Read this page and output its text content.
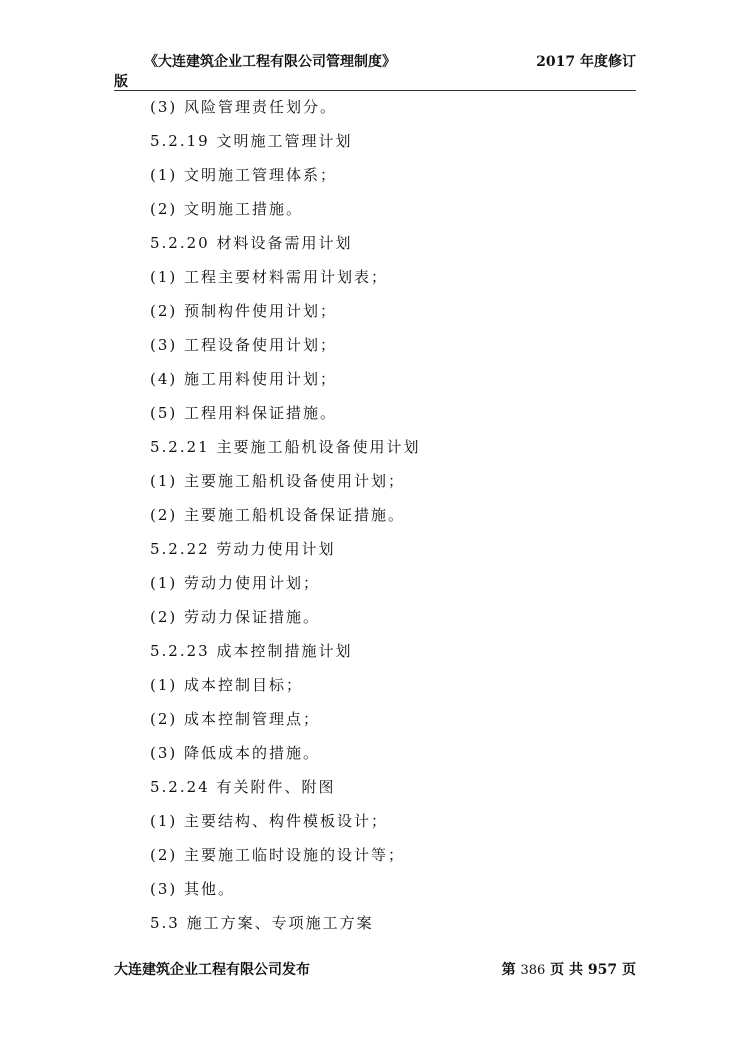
《大连建筑企业工程有限公司管理制度》	2017 年度修订
版
(3) 风险管理责任划分。
5.2.19 文明施工管理计划
(1) 文明施工管理体系；
(2) 文明施工措施。
5.2.20 材料设备需用计划
(1) 工程主要材料需用计划表；
(2) 预制构件使用计划；
(3) 工程设备使用计划；
(4) 施工用料使用计划；
(5) 工程用料保证措施。
5.2.21 主要施工船机设备使用计划
(1) 主要施工船机设备使用计划；
(2) 主要施工船机设备保证措施。
5.2.22 劳动力使用计划
(1) 劳动力使用计划；
(2) 劳动力保证措施。
5.2.23 成本控制措施计划
(1) 成本控制目标；
(2) 成本控制管理点；
(3) 降低成本的措施。
5.2.24 有关附件、附图
(1) 主要结构、构件模板设计；
(2) 主要施工临时设施的设计等；
(3) 其他。
5.3 施工方案、专项施工方案
大连建筑企业工程有限公司发布	第 386 页 共 957 页
